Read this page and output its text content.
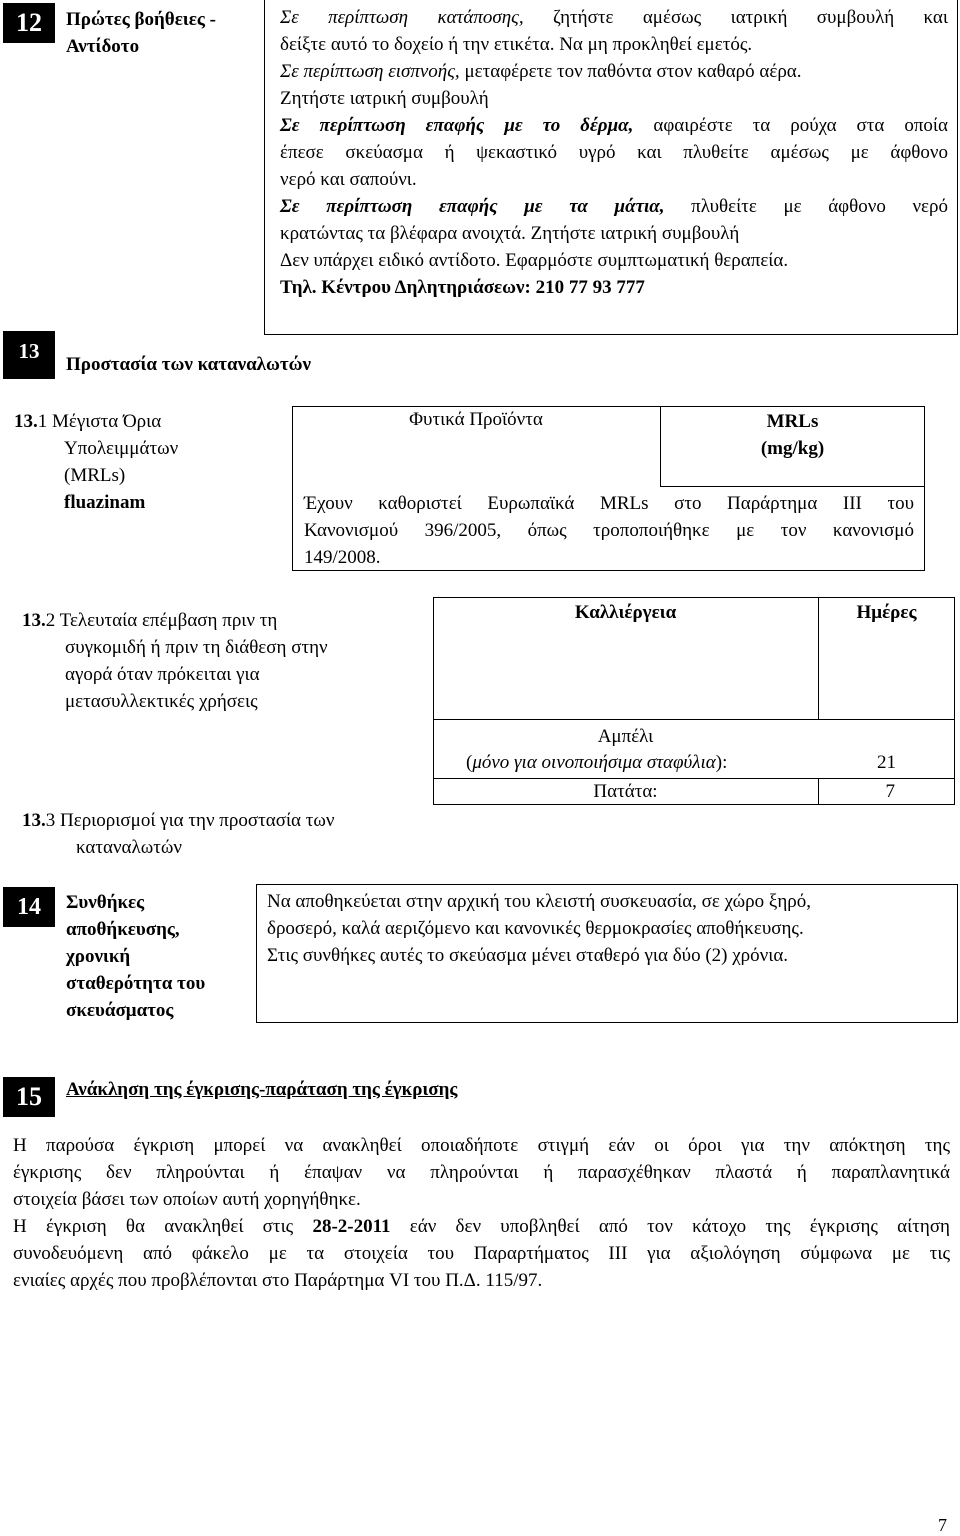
12	Πρώτες βοήθειες -
Αντίδοτο
Σε περίπτωση κατάποσης, ζητήστε αμέσως ιατρική συμβουλή και
δείξτε αυτό το δοχείο ή την ετικέτα. Να μη προκληθεί εμετός.
Σε περίπτωση εισπνοής, μεταφέρετε τον παθόντα στον καθαρό αέρα.
Ζητήστε ιατρική συμβουλή
Σε περίπτωση επαφής με το δέρμα, αφαιρέστε τα ρούχα στα οποία
έπεσε σκεύασμα ή ψεκαστικό υγρό και πλυθείτε αμέσως με άφθονο
νερό και σαπούνι.
Σε περίπτωση επαφής με τα μάτια, πλυθείτε με άφθονο νερό
κρατώντας τα βλέφαρα ανοιχτά. Ζητήστε ιατρική συμβουλή
Δεν υπάρχει ειδικό αντίδοτο. Εφαρμόστε συμπτωματική θεραπεία.
Τηλ. Κέντρου Δηλητηριάσεων: 210 77 93 777
13
Προστασία των καταναλωτών
13.1 Μέγιστα Όρια
Υπολειμμάτων
(MRLs)
fluazinam
Φυτικά Προϊόντα	MRLs
(mg/kg)
Έχουν καθοριστεί Ευρωπαϊκά MRLs στο Παράρτημα ΙΙΙ του
Κανονισμού 396/2005, όπως τροποποιήθηκε με τον κανονισμό
149/2008.
13.2 Τελευταία επέμβαση πριν τη
συγκομιδή ή πριν τη διάθεση στην
αγορά όταν πρόκειται για
μετασυλλεκτικές χρήσεις
13.3 Περιορισμοί για την προστασία των
καταναλωτών
Καλλιέργεια	Ημέρες
Αμπέλι
(μόνο για οινοποιήσιμα σταφύλια):	21
Πατάτα:	7
14	Συνθήκες
αποθήκευσης,
χρονική
σταθερότητα του
σκευάσματος
Να αποθηκεύεται στην αρχική του κλειστή συσκευασία, σε χώρο ξηρό,
δροσερό, καλά αεριζόμενο και κανονικές θερμοκρασίες αποθήκευσης.
Στις συνθήκες αυτές το σκεύασμα μένει σταθερό για δύο (2) χρόνια.
15	Ανάκληση της έγκρισης-παράταση της έγκρισης
Η παρούσα έγκριση μπορεί να ανακληθεί οποιαδήποτε στιγμή εάν οι όροι για την απόκτηση της
έγκρισης δεν πληρούνται ή έπαψαν να πληρούνται ή παρασχέθηκαν πλαστά ή παραπλανητικά
στοιχεία βάσει των οποίων αυτή χορηγήθηκε.
Η έγκριση θα ανακληθεί στις 28-2-2011 εάν δεν υποβληθεί από τον κάτοχο της έγκρισης αίτηση
συνοδευόμενη από φάκελο με τα στοιχεία του Παραρτήματος ΙΙΙ για αξιολόγηση σύμφωνα με τις
ενιαίες αρχές που προβλέπονται στο Παράρτημα VI του Π.Δ. 115/97.
7
